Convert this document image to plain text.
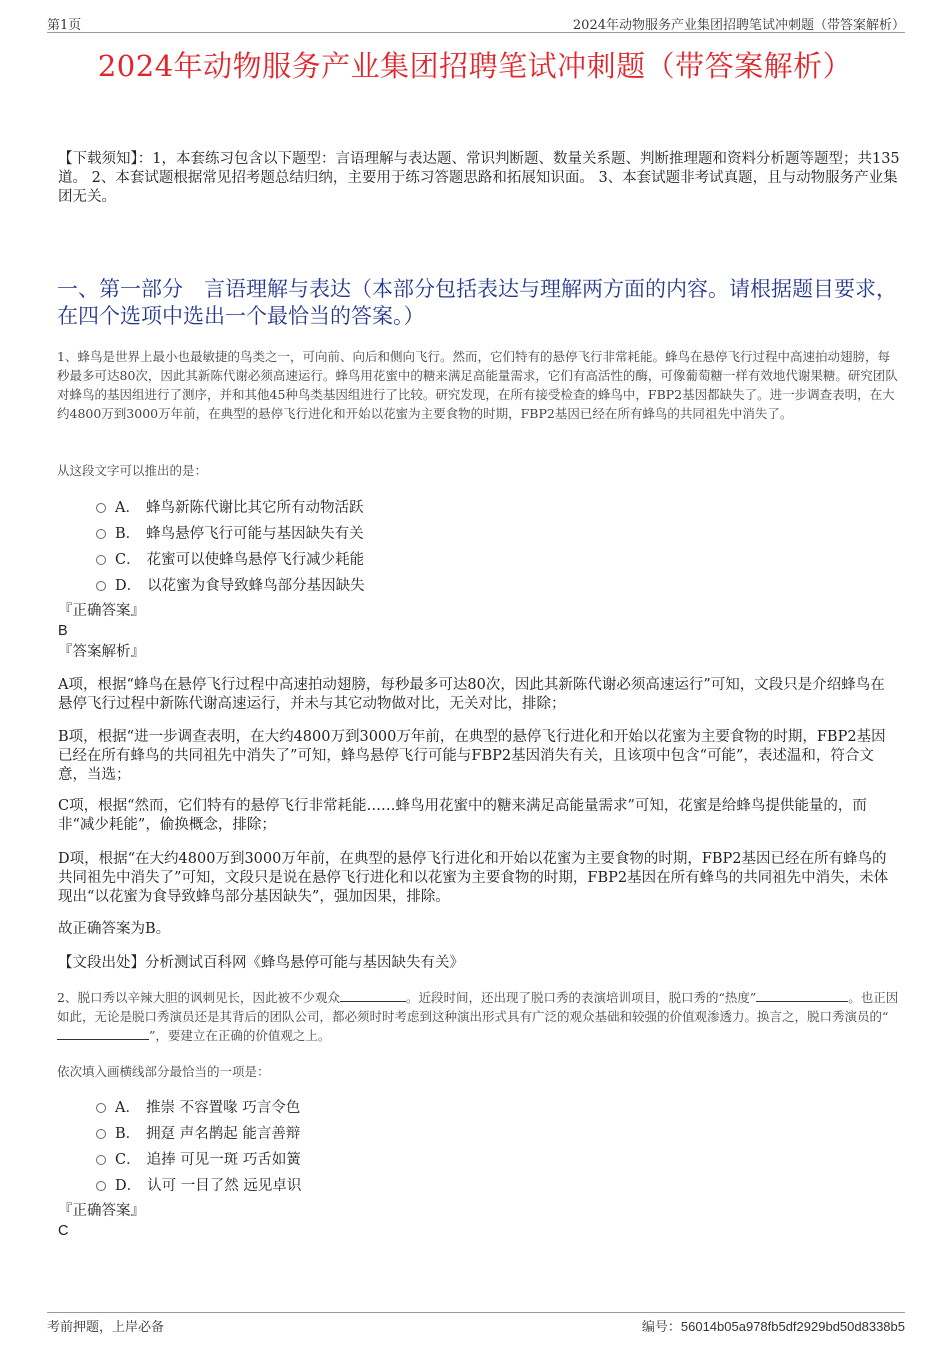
第1页	2024年动物服务产业集团招聘笔试冲刺题（带答案解析）
2024年动物服务产业集团招聘笔试冲刺题（带答案解析）
【下载须知】：1，本套练习包含以下题型：言语理解与表达题、常识判断题、数量关系题、判断推理题和资料分析题等题型；共135道。 2、本套试题根据常见招考题总结归纳，主要用于练习答题思路和拓展知识面。 3、本套试题非考试真题，且与动物服务产业集团无关。
一、第一部分　言语理解与表达（本部分包括表达与理解两方面的内容。请根据题目要求，在四个选项中选出一个最恰当的答案。）
1、蜂鸟是世界上最小也最敏捷的鸟类之一，可向前、向后和侧向飞行。然而，它们特有的悬停飞行非常耗能。蜂鸟在悬停飞行过程中高速拍动翅膀，每秒最多可达80次，因此其新陈代谢必须高速运行。蜂鸟用花蜜中的糖来满足高能量需求，它们有高活性的酶，可像葡萄糖一样有效地代谢果糖。研究团队对蜂鸟的基因组进行了测序，并和其他45种鸟类基因组进行了比较。研究发现，在所有接受检查的蜂鸟中，FBP2基因都缺失了。进一步调查表明，在大约4800万到3000万年前，在典型的悬停飞行进化和开始以花蜜为主要食物的时期，FBP2基因已经在所有蜂鸟的共同祖先中消失了。
从这段文字可以推出的是：
A． 蜂鸟新陈代谢比其它所有动物活跃
B． 蜂鸟悬停飞行可能与基因缺失有关
C． 花蜜可以使蜂鸟悬停飞行减少耗能
D． 以花蜜为食导致蜂鸟部分基因缺失
『正确答案』
B
『答案解析』
A项，根据“蜂鸟在悬停飞行过程中高速拍动翅膀，每秒最多可达80次，因此其新陈代谢必须高速运行”可知，文段只是介绍蜂鸟在悬停飞行过程中新陈代谢高速运行，并未与其它动物做对比，无关对比，排除；
B项，根据“进一步调查表明，在大约4800万到3000万年前，在典型的悬停飞行进化和开始以花蜜为主要食物的时期，FBP2基因已经在所有蜂鸟的共同祖先中消失了”可知，蜂鸟悬停飞行可能与FBP2基因消失有关，且该项中包含“可能”，表述温和，符合文意，当选；
C项，根据“然而，它们特有的悬停飞行非常耗能……蜂鸟用花蜜中的糖来满足高能量需求”可知，花蜜是给蜂鸟提供能量的，而非“减少耗能”，偷换概念，排除；
D项，根据“在大约4800万到3000万年前，在典型的悬停飞行进化和开始以花蜜为主要食物的时期，FBP2基因已经在所有蜂鸟的共同祖先中消失了”可知，文段只是说在悬停飞行进化和以花蜜为主要食物的时期，FBP2基因在所有蜂鸟的共同祖先中消失，未体现出“以花蜜为食导致蜂鸟部分基因缺失”，强加因果，排除。
故正确答案为B。
【文段出处】分析测试百科网《蜂鸟悬停可能与基因缺失有关》
2、脱口秀以辛辣大胆的讽刺见长，因此被不少观众	。近段时间，还出现了脱口秀的表演培训项目，脱口秀的“热度”	。也正因如此，无论是脱口秀演员还是其背后的团队公司，都必须时时考虑到这种演出形式具有广泛的观众基础和较强的价值观渗透力。换言之，脱口秀演员的“”，要建立在正确的价值观之上。
依次填入画横线部分最恰当的一项是：
A． 推崇 不容置喙 巧言令色
B． 拥趸 声名鹊起 能言善辩
C． 追捧 可见一斑 巧舌如簧
D． 认可 一目了然 远见卓识
『正确答案』
C
考前押题，上岸必备	编号：56014b05a978fb5df2929bd50d8338b5
